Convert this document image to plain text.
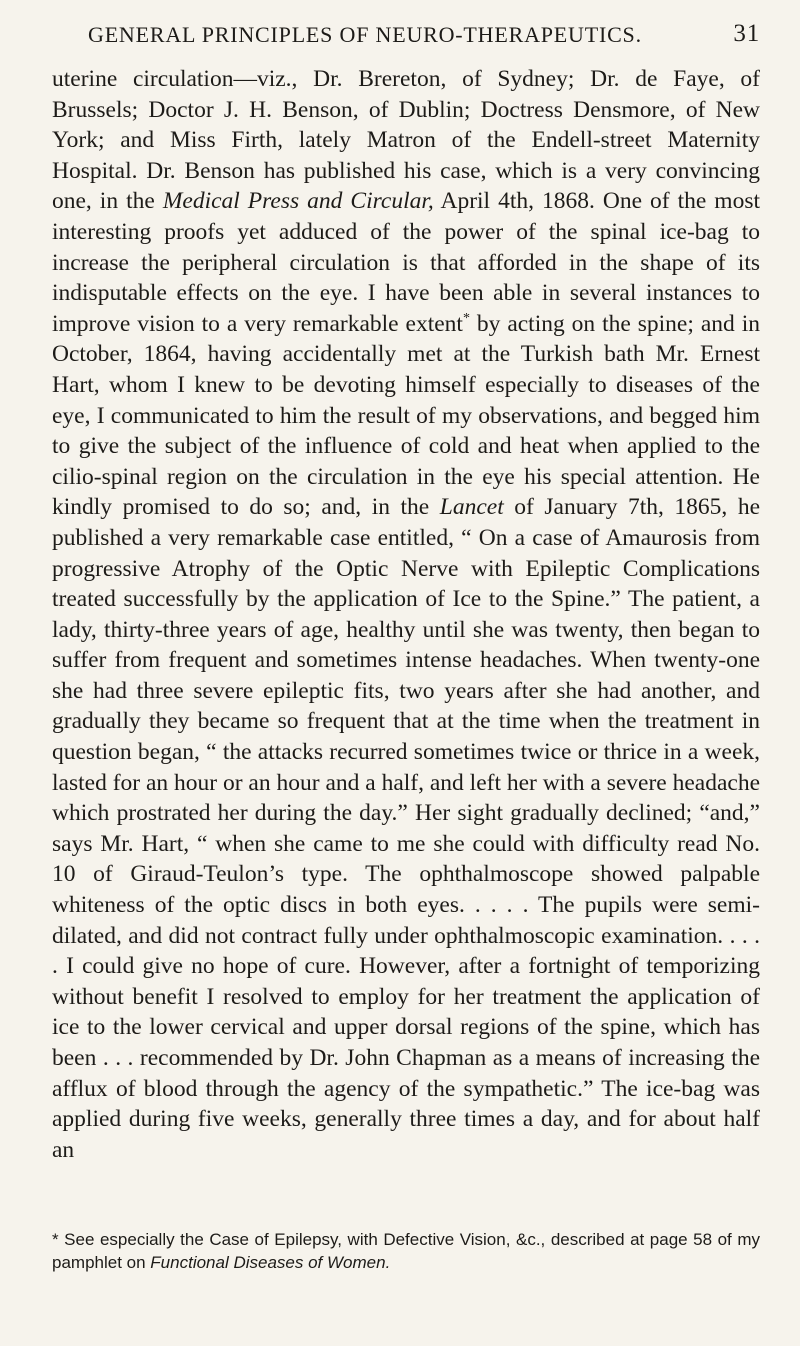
GENERAL PRINCIPLES OF NEURO-THERAPEUTICS.	31

uterine circulation—viz., Dr. Brereton, of Sydney; Dr. de Faye, of Brussels; Doctor J. H. Benson, of Dublin; Doctress Densmore, of New York; and Miss Firth, lately Matron of the Endell-street Maternity Hospital. Dr. Benson has published his case, which is a very convincing one, in the Medical Press and Circular, April 4th, 1868. One of the most interesting proofs yet adduced of the power of the spinal ice-bag to increase the peripheral circulation is that afforded in the shape of its indisputable effects on the eye. I have been able in several instances to improve vision to a very remarkable extent* by acting on the spine; and in October, 1864, having accidentally met at the Turkish bath Mr. Ernest Hart, whom I knew to be devoting himself especially to diseases of the eye, I communicated to him the result of my observations, and begged him to give the subject of the influence of cold and heat when applied to the cilio-spinal region on the circulation in the eye his special attention. He kindly promised to do so; and, in the Lancet of January 7th, 1865, he published a very remarkable case entitled, “ On a case of Amaurosis from progressive Atrophy of the Optic Nerve with Epileptic Complications treated successfully by the application of Ice to the Spine.” The patient, a lady, thirty-three years of age, healthy until she was twenty, then began to suffer from frequent and sometimes intense headaches. When twenty-one she had three severe epileptic fits, two years after she had another, and gradually they became so frequent that at the time when the treatment in question began, “ the attacks recurred sometimes twice or thrice in a week, lasted for an hour or an hour and a half, and left her with a severe headache which prostrated her during the day.” Her sight gradually declined; “and,” says Mr. Hart, “ when she came to me she could with difficulty read No. 10 of Giraud-Teulon’s type. The ophthalmoscope showed palpable whiteness of the optic discs in both eyes. . . . . The pupils were semi-dilated, and did not contract fully under ophthalmoscopic examination. . . . . I could give no hope of cure. However, after a fortnight of temporizing without benefit I resolved to employ for her treatment the application of ice to the lower cervical and upper dorsal regions of the spine, which has been . . . recommended by Dr. John Chapman as a means of increasing the afflux of blood through the agency of the sympathetic.” The ice-bag was applied during five weeks, generally three times a day, and for about half an

* See especially the Case of Epilepsy, with Defective Vision, &c., described at page 58 of my pamphlet on Functional Diseases of Women.
